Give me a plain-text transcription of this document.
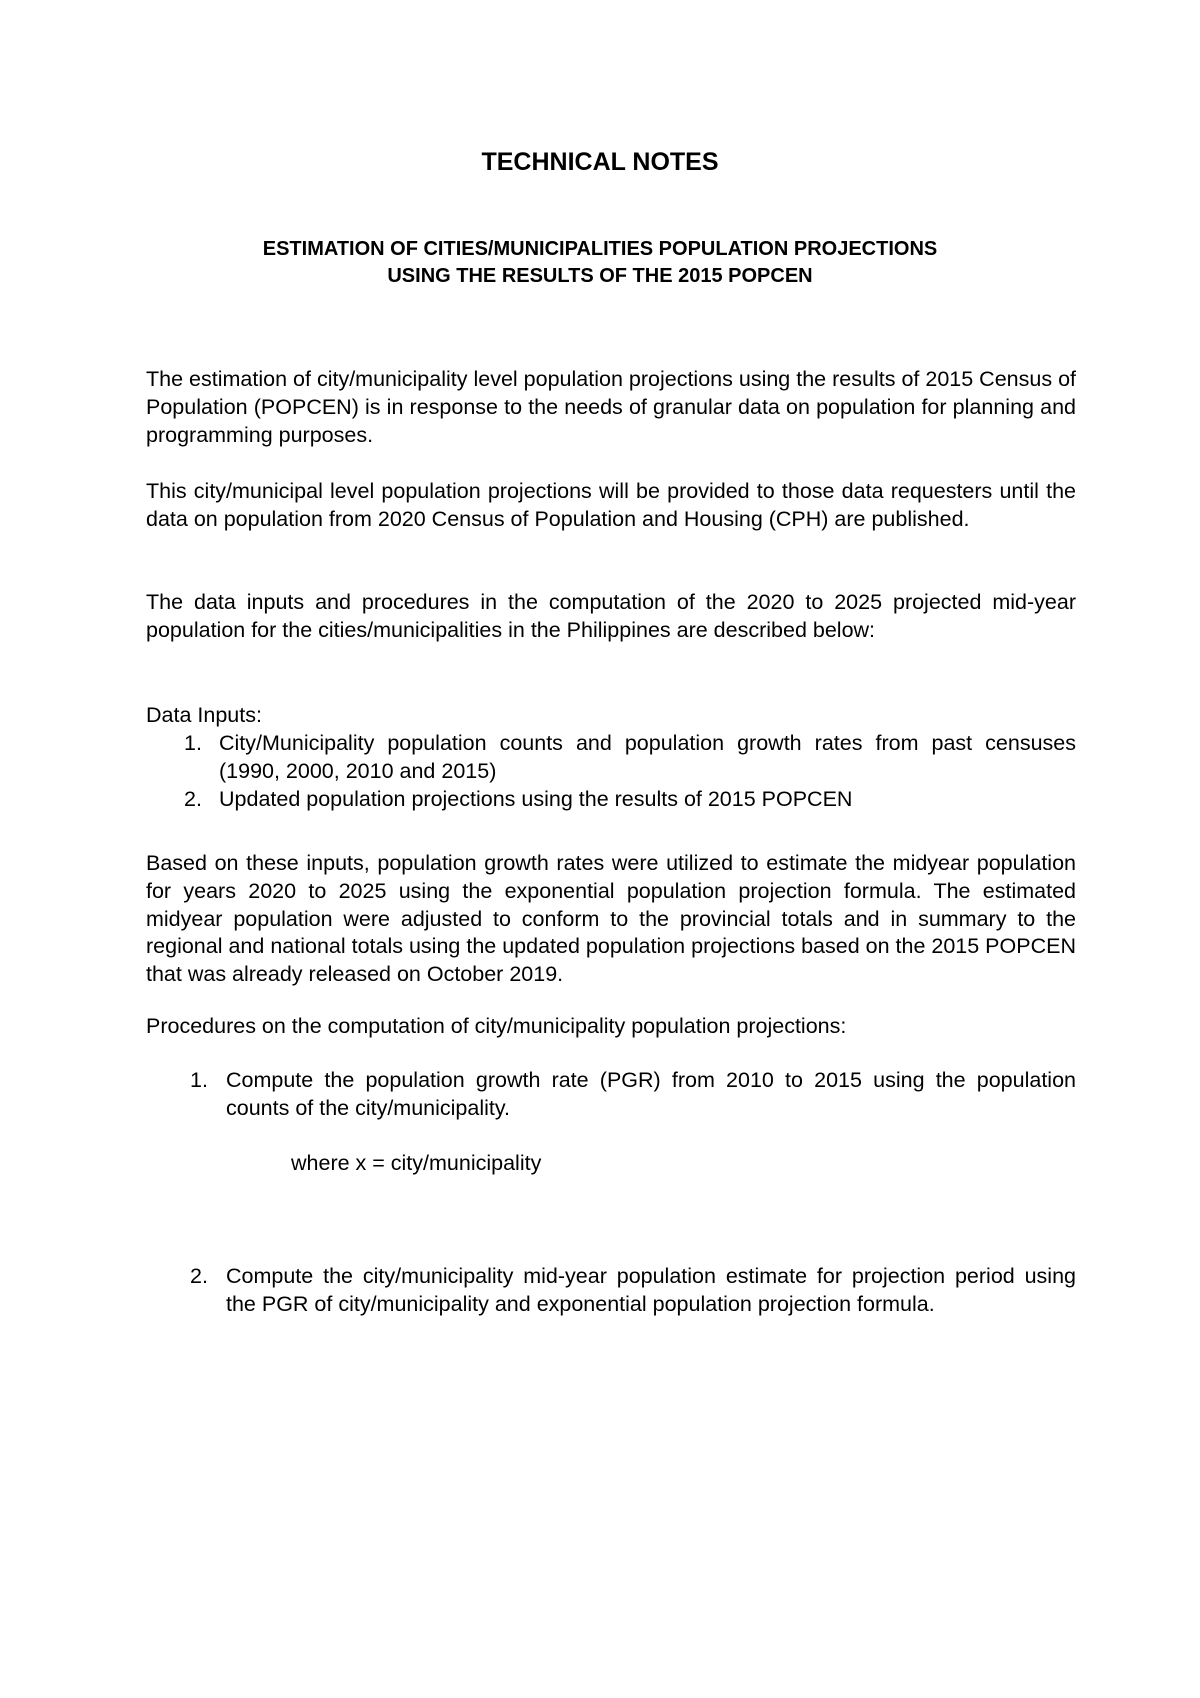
TECHNICAL NOTES
ESTIMATION OF CITIES/MUNICIPALITIES POPULATION PROJECTIONS
USING THE RESULTS OF THE 2015 POPCEN

The estimation of city/municipality level population projections using the results of 2015 Census of Population (POPCEN) is in response to the needs of granular data on population for planning and programming purposes.

This city/municipal level population projections will be provided to those data requesters until the data on population from 2020 Census of Population and Housing (CPH) are published.

The data inputs and procedures in the computation of the 2020 to 2025 projected mid-year population for the cities/municipalities in the Philippines are described below:

Data Inputs:

1. City/Municipality population counts and population growth rates from past censuses (1990, 2000, 2010 and 2015)

2. Updated population projections using the results of 2015 POPCEN

Based on these inputs, population growth rates were utilized to estimate the midyear population for years 2020 to 2025 using the exponential population projection formula. The estimated midyear population were adjusted to conform to the provincial totals and in summary to the regional and national totals using the updated population projections based on the 2015 POPCEN that was already released on October 2019.

Procedures on the computation of city/municipality population projections:

1. Compute the population growth rate (PGR) from 2010 to 2015 using the population counts of the city/municipality.

where x = city/municipality

2. Compute the city/municipality mid-year population estimate for projection period using the PGR of city/municipality and exponential population projection formula.
